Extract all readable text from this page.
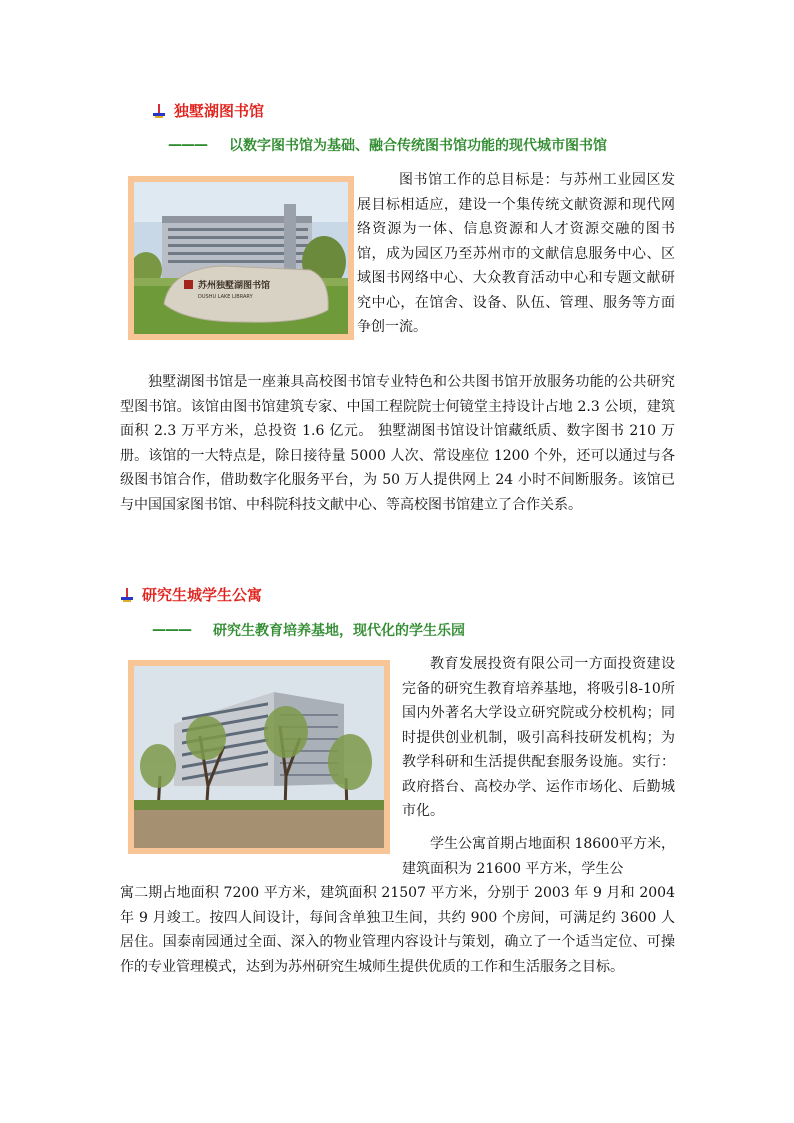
独墅湖图书馆
——— 以数字图书馆为基础、融合传统图书馆功能的现代城市图书馆
苏州独墅湖图书馆
DUSHU LAKE LIBRARY

图书馆工作的总目标是：与苏州工业园区发展目标相适应，建设一个集传统文献资源和现代网络资源为一体、信息资源和人才资源交融的图书馆，成为园区乃至苏州市的文献信息服务中心、区域图书网络中心、大众教育活动中心和专题文献研究中心，在馆舍、设备、队伍、管理、服务等方面争创一流。

独墅湖图书馆是一座兼具高校图书馆专业特色和公共图书馆开放服务功能的公共研究型图书馆。该馆由图书馆建筑专家、中国工程院院士何镜堂主持设计占地 2.3 公顷，建筑面积 2.3 万平方米，总投资 1.6 亿元。 独墅湖图书馆设计馆藏纸质、数字图书 210 万册。该馆的一大特点是，除日接待量 5000 人次、常设座位 1200 个外，还可以通过与各级图书馆合作，借助数字化服务平台，为 50 万人提供网上 24 小时不间断服务。该馆已与中国国家图书馆、中科院科技文献中心、等高校图书馆建立了合作关系。

研究生城学生公寓
——— 研究生教育培养基地，现代化的学生乐园

教育发展投资有限公司一方面投资建设完备的研究生教育培养基地，将吸引8-10所国内外著名大学设立研究院或分校机构；同时提供创业机制，吸引高科技研发机构；为教学科研和生活提供配套服务设施。实行：政府搭台、高校办学、运作市场化、后勤城市化。

学生公寓首期占地面积 18600平方米，建筑面积为 21600 平方米，学生公

寓二期占地面积 7200 平方米，建筑面积 21507 平方米，分别于 2003 年 9 月和 2004 年 9 月竣工。按四人间设计，每间含单独卫生间，共约 900 个房间，可满足约 3600 人居住。国泰南园通过全面、深入的物业管理内容设计与策划，确立了一个适当定位、可操作的专业管理模式，达到为苏州研究生城师生提供优质的工作和生活服务之目标。
